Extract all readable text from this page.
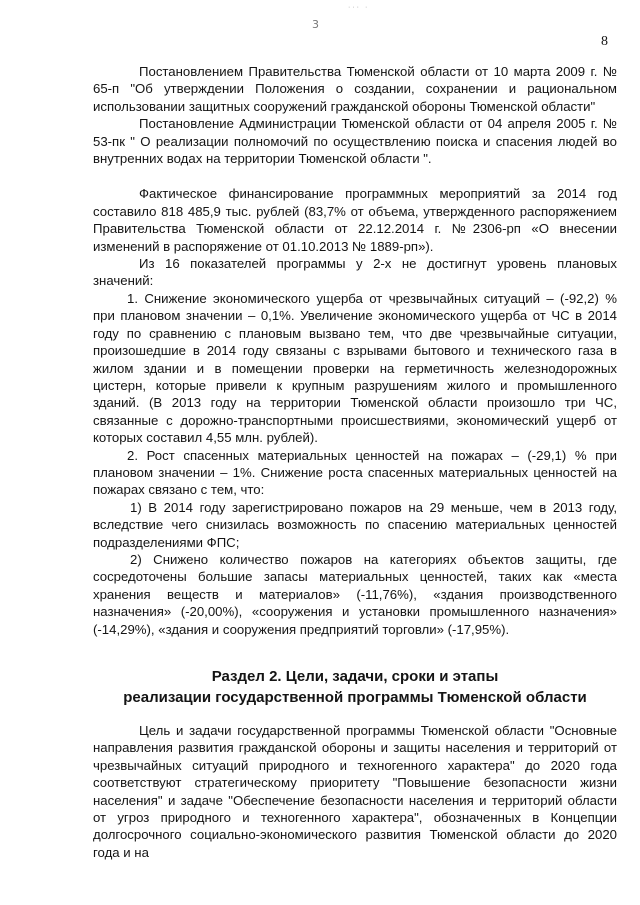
··· ·
3
8

Постановлением Правительства Тюменской области от 10 марта 2009 г. № 65-п "Об утверждении Положения о создании, сохранении и рациональном использовании защитных сооружений гражданской обороны Тюменской области"

Постановление Администрации Тюменской области от 04 апреля 2005 г. № 53-пк " О реализации полномочий по осуществлению поиска и спасения людей во внутренних водах на территории Тюменской области ".

Фактическое финансирование программных мероприятий за 2014 год составило 818 485,9 тыс. рублей (83,7% от объема, утвержденного распоряжением Правительства Тюменской области от 22.12.2014 г. №2306-рп «О внесении изменений в распоряжение от 01.10.2013 № 1889-рп»).

Из 16 показателей программы у 2-х не достигнут уровень плановых значений:

1. Снижение экономического ущерба от чрезвычайных ситуаций – (-92,2) % при плановом значении – 0,1%. Увеличение экономического ущерба от ЧС в 2014 году по сравнению с плановым вызвано тем, что две чрезвычайные ситуации, произошедшие в 2014 году связаны с взрывами бытового и технического газа в жилом здании и в помещении проверки на герметичность железнодорожных цистерн, которые привели к крупным разрушениям жилого и промышленного зданий. (В 2013 году на территории Тюменской области произошло три ЧС, связанные с дорожно-транспортными происшествиями, экономический ущерб от которых составил 4,55 млн. рублей).

2. Рост спасенных материальных ценностей на пожарах – (-29,1) % при плановом значении – 1%. Снижение роста спасенных материальных ценностей на пожарах связано с тем, что:

1) В 2014 году зарегистрировано пожаров на 29 меньше, чем в 2013 году, вследствие чего снизилась возможность по спасению материальных ценностей подразделениями ФПС;

2) Снижено количество пожаров на категориях объектов защиты, где сосредоточены большие запасы материальных ценностей, таких как «места хранения веществ и материалов» (-11,76%), «здания производственного назначения» (-20,00%), «сооружения и установки промышленного назначения» (-14,29%), «здания и сооружения предприятий торговли» (-17,95%).

Раздел 2. Цели, задачи, сроки и этапы
реализации государственной программы Тюменской области

Цель и задачи государственной программы Тюменской области "Основные направления развития гражданской обороны и защиты населения и территорий от чрезвычайных ситуаций природного и техногенного характера" до 2020 года соответствуют стратегическому приоритету "Повышение безопасности жизни населения" и задаче "Обеспечение безопасности населения и территорий области от угроз природного и техногенного характера", обозначенных в Концепции долгосрочного социально-экономического развития Тюменской области до 2020 года и на
